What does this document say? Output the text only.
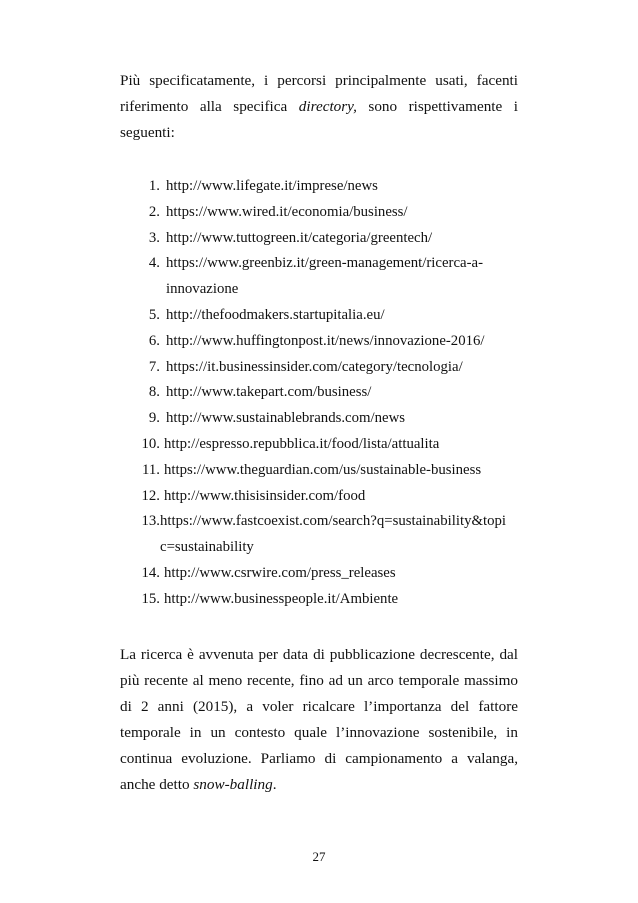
Più specificatamente, i percorsi principalmente usati, facenti riferimento alla specifica directory, sono rispettivamente i seguenti:

1. http://www.lifegate.it/imprese/news
2. https://www.wired.it/economia/business/
3. http://www.tuttogreen.it/categoria/greentech/
4. https://www.greenbiz.it/green-management/ricerca-a-
innovazione
5. http://thefoodmakers.startupitalia.eu/
6. http://www.huffingtonpost.it/news/innovazione-2016/
7. https://it.businessinsider.com/category/tecnologia/
8. http://www.takepart.com/business/
9. http://www.sustainablebrands.com/news
10. http://espresso.repubblica.it/food/lista/attualita
11. https://www.theguardian.com/us/sustainable-business
12. http://www.thisisinsider.com/food
13. https://www.fastcoexist.com/search?q=sustainability&topi
c=sustainability
14. http://www.csrwire.com/press_releases
15. http://www.businesspeople.it/Ambiente

La ricerca è avvenuta per data di pubblicazione decrescente, dal più recente al meno recente, fino ad un arco temporale massimo di 2 anni (2015), a voler ricalcare l’importanza del fattore temporale in un contesto quale l’innovazione sostenibile, in continua evoluzione. Parliamo di campionamento a valanga, anche detto snow-balling.

27
